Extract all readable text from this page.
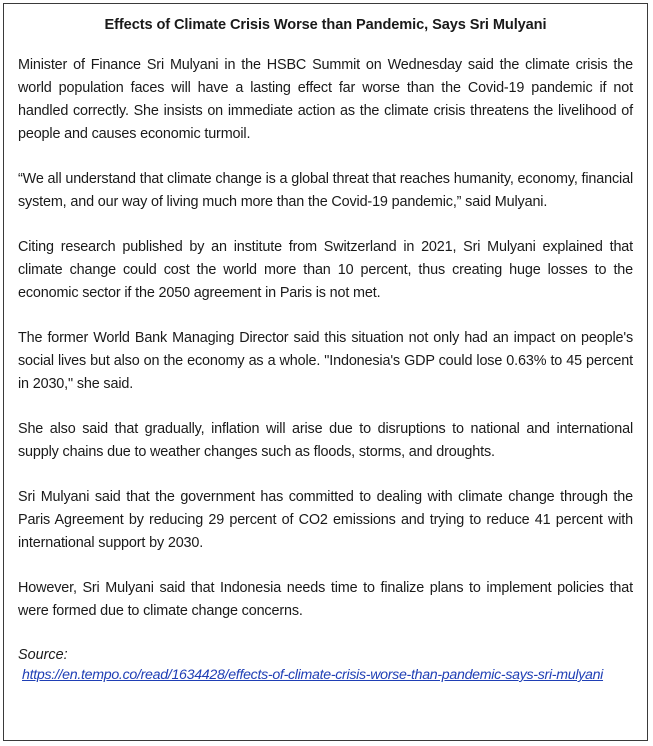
Effects of Climate Crisis Worse than Pandemic, Says Sri Mulyani

Minister of Finance Sri Mulyani in the HSBC Summit on Wednesday said the climate crisis the world population faces will have a lasting effect far worse than the Covid-19 pandemic if not handled correctly. She insists on immediate action as the climate crisis threatens the livelihood of people and causes economic turmoil.

“We all understand that climate change is a global threat that reaches humanity, economy, financial system, and our way of living much more than the Covid-19 pandemic,” said Mulyani.

Citing research published by an institute from Switzerland in 2021, Sri Mulyani explained that climate change could cost the world more than 10 percent, thus creating huge losses to the economic sector if the 2050 agreement in Paris is not met.

The former World Bank Managing Director said this situation not only had an impact on people's social lives but also on the economy as a whole. "Indonesia's GDP could lose 0.63% to 45 percent in 2030," she said.

She also said that gradually, inflation will arise due to disruptions to national and international supply chains due to weather changes such as floods, storms, and droughts.

Sri Mulyani said that the government has committed to dealing with climate change through the Paris Agreement by reducing 29 percent of CO2 emissions and trying to reduce 41 percent with international support by 2030.

However, Sri Mulyani said that Indonesia needs time to finalize plans to implement policies that were formed due to climate change concerns.

Source:
https://en.tempo.co/read/1634428/effects-of-climate-crisis-worse-than-pandemic-says-sri-mulyani
